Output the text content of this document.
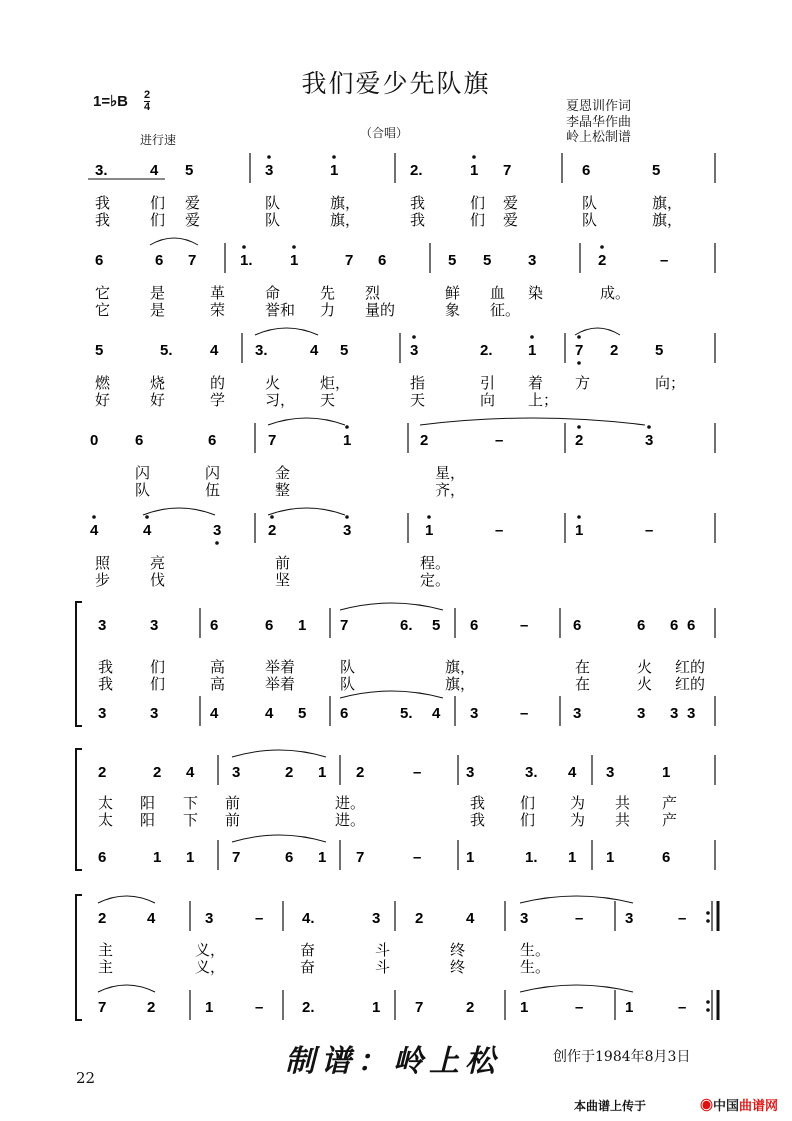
我们爱少先队旗
1=♭B 2
4	夏恩训作词
李晶华作曲
岭上松制谱
进行速	（合唱）
3.	4 5	3	1	2.	1 7	6	5
我	们 爱	队	旗，	我	们 爱	队	旗，
我	们 爱	队	旗，	我	们 爱	队	旗，
6	6 7	1. 1	7 6	5 5 3	2	–
它	是	革	命	先 烈	鲜 血 染	成。
它	是	荣	誉和 力 量的	象 征。
5	5. 4 3.	4 5	3	2. 1	7 2 5
燃	烧	的	火	炬，	指	引 着 方	向；
好	好	学	习， 天	天	向 上；
0 6	6	7	1	2	–	2	3
闪	闪	金	星，
队	伍	整	齐，
4	4	3	2	3	1	–	1	–
照	亮	前	程。
步	伐	坚	定。
3	3	6	6 1 7	6. 5 6	–	6	6 6 6
3	3	4	4 5 6	5. 4 3	–	3	3 3 3
我 们	高	举着	队	旗，	在	火 红的
我 们	高	举着	队	旗，	在	火 红的
2	2 4	3	2 1 2	–	3	3. 4 3	1
6	1 1	7	6 1 7	–	1	1. 1 1	6
太 阳 下 前	进。	我 们 为 共 产
太 阳 下 前	进。	我 们 为 共 产
2	4	3	–	4.	3 2	4	3	–	3	–
7	2	1	–	2.	1 7	2	1	–	1	–
主	义，	奋	斗	终	生。
主	义，	奋	斗	终	生。
制谱：岭上松	创作于1984年8月3日
22
本曲谱上传于	◉中国曲谱网
